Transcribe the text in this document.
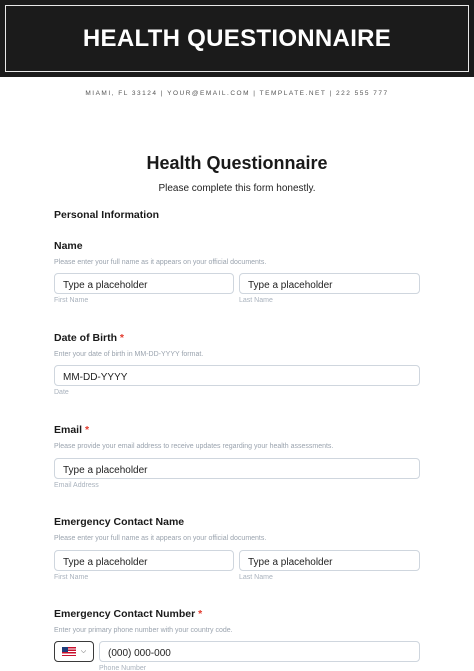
HEALTH QUESTIONNAIRE
MIAMI, FL 33124 | YOUR@EMAIL.COM | TEMPLATE.NET | 222 555 777
Health Questionnaire
Please complete this form honestly.
Personal Information
Name
Please enter your full name as it appears on your official documents.
Type a placeholder	Type a placeholder
First Name	Last Name
Date of Birth *
Enter your date of birth in MM-DD-YYYY format.
MM-DD-YYYY
Date
Email *
Please provide your email address to receive updates regarding your health assessments.
Type a placeholder
Email Address
Emergency Contact Name
Please enter your full name as it appears on your official documents.
Type a placeholder	Type a placeholder
First Name	Last Name
Emergency Contact Number *
Enter your primary phone number with your country code.
⌵ (000) 000-000
Phone Number
